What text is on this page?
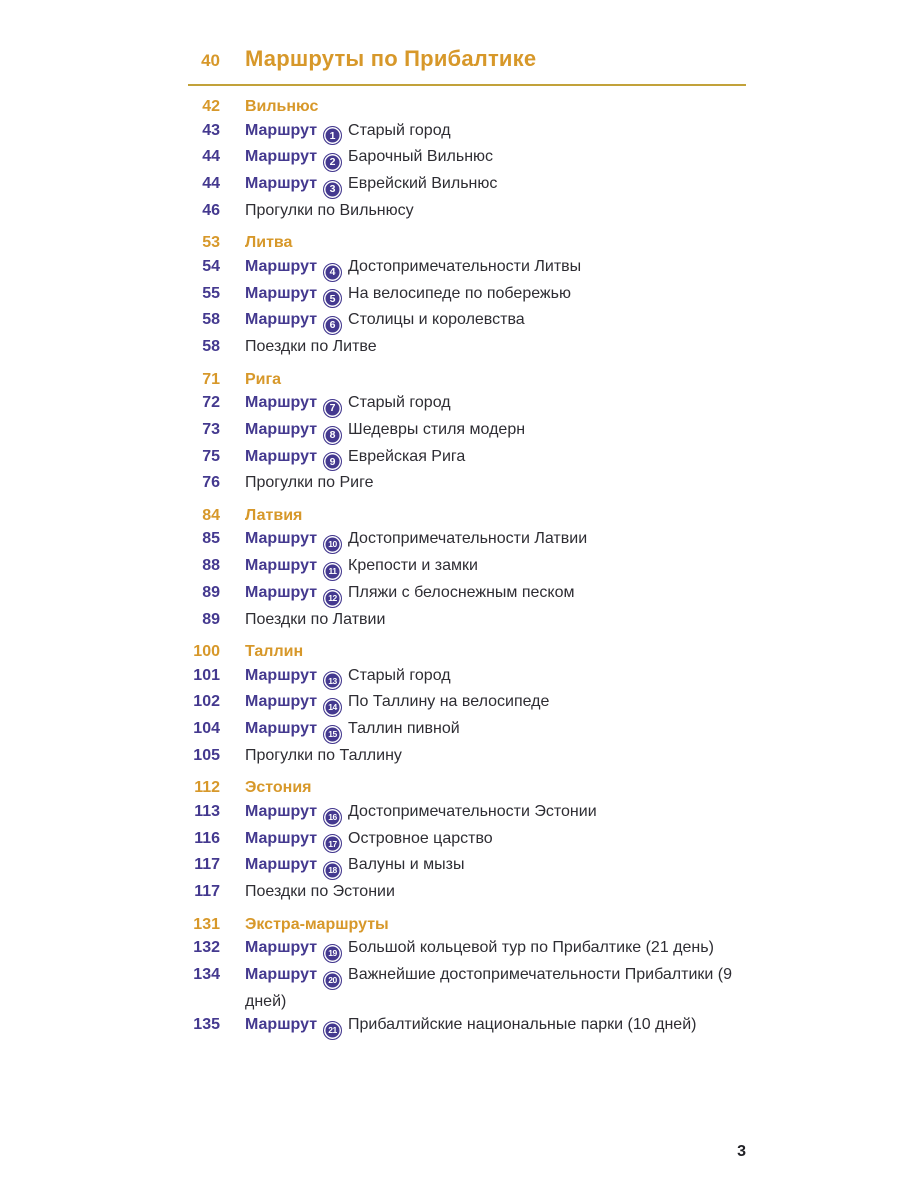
40 Маршруты по Прибалтике
42 Вильнюс
43 Маршрут 1 Старый город
44 Маршрут 2 Барочный Вильнюс
44 Маршрут 3 Еврейский Вильнюс
46 Прогулки по Вильнюсу
53 Литва
54 Маршрут 4 Достопримечательности Литвы
55 Маршрут 5 На велосипеде по побережью
58 Маршрут 6 Столицы и королевства
58 Поездки по Литве
71 Рига
72 Маршрут 7 Старый город
73 Маршрут 8 Шедевры стиля модерн
75 Маршрут 9 Еврейская Рига
76 Прогулки по Риге
84 Латвия
85 Маршрут 10 Достопримечательности Латвии
88 Маршрут 11 Крепости и замки
89 Маршрут 12 Пляжи с белоснежным песком
89 Поездки по Латвии
100 Таллин
101 Маршрут 13 Старый город
102 Маршрут 14 По Таллину на велосипеде
104 Маршрут 15 Таллин пивной
105 Прогулки по Таллину
112 Эстония
113 Маршрут 16 Достопримечательности Эстонии
116 Маршрут 17 Островное царство
117 Маршрут 18 Валуны и мызы
117 Поездки по Эстонии
131 Экстра-маршруты
132 Маршрут 19 Большой кольцевой тур по Прибалтике (21 день)
134 Маршрут 20 Важнейшие достопримечательности Прибалтики (9 дней)
135 Маршрут 21 Прибалтийские национальные парки (10 дней)
3
